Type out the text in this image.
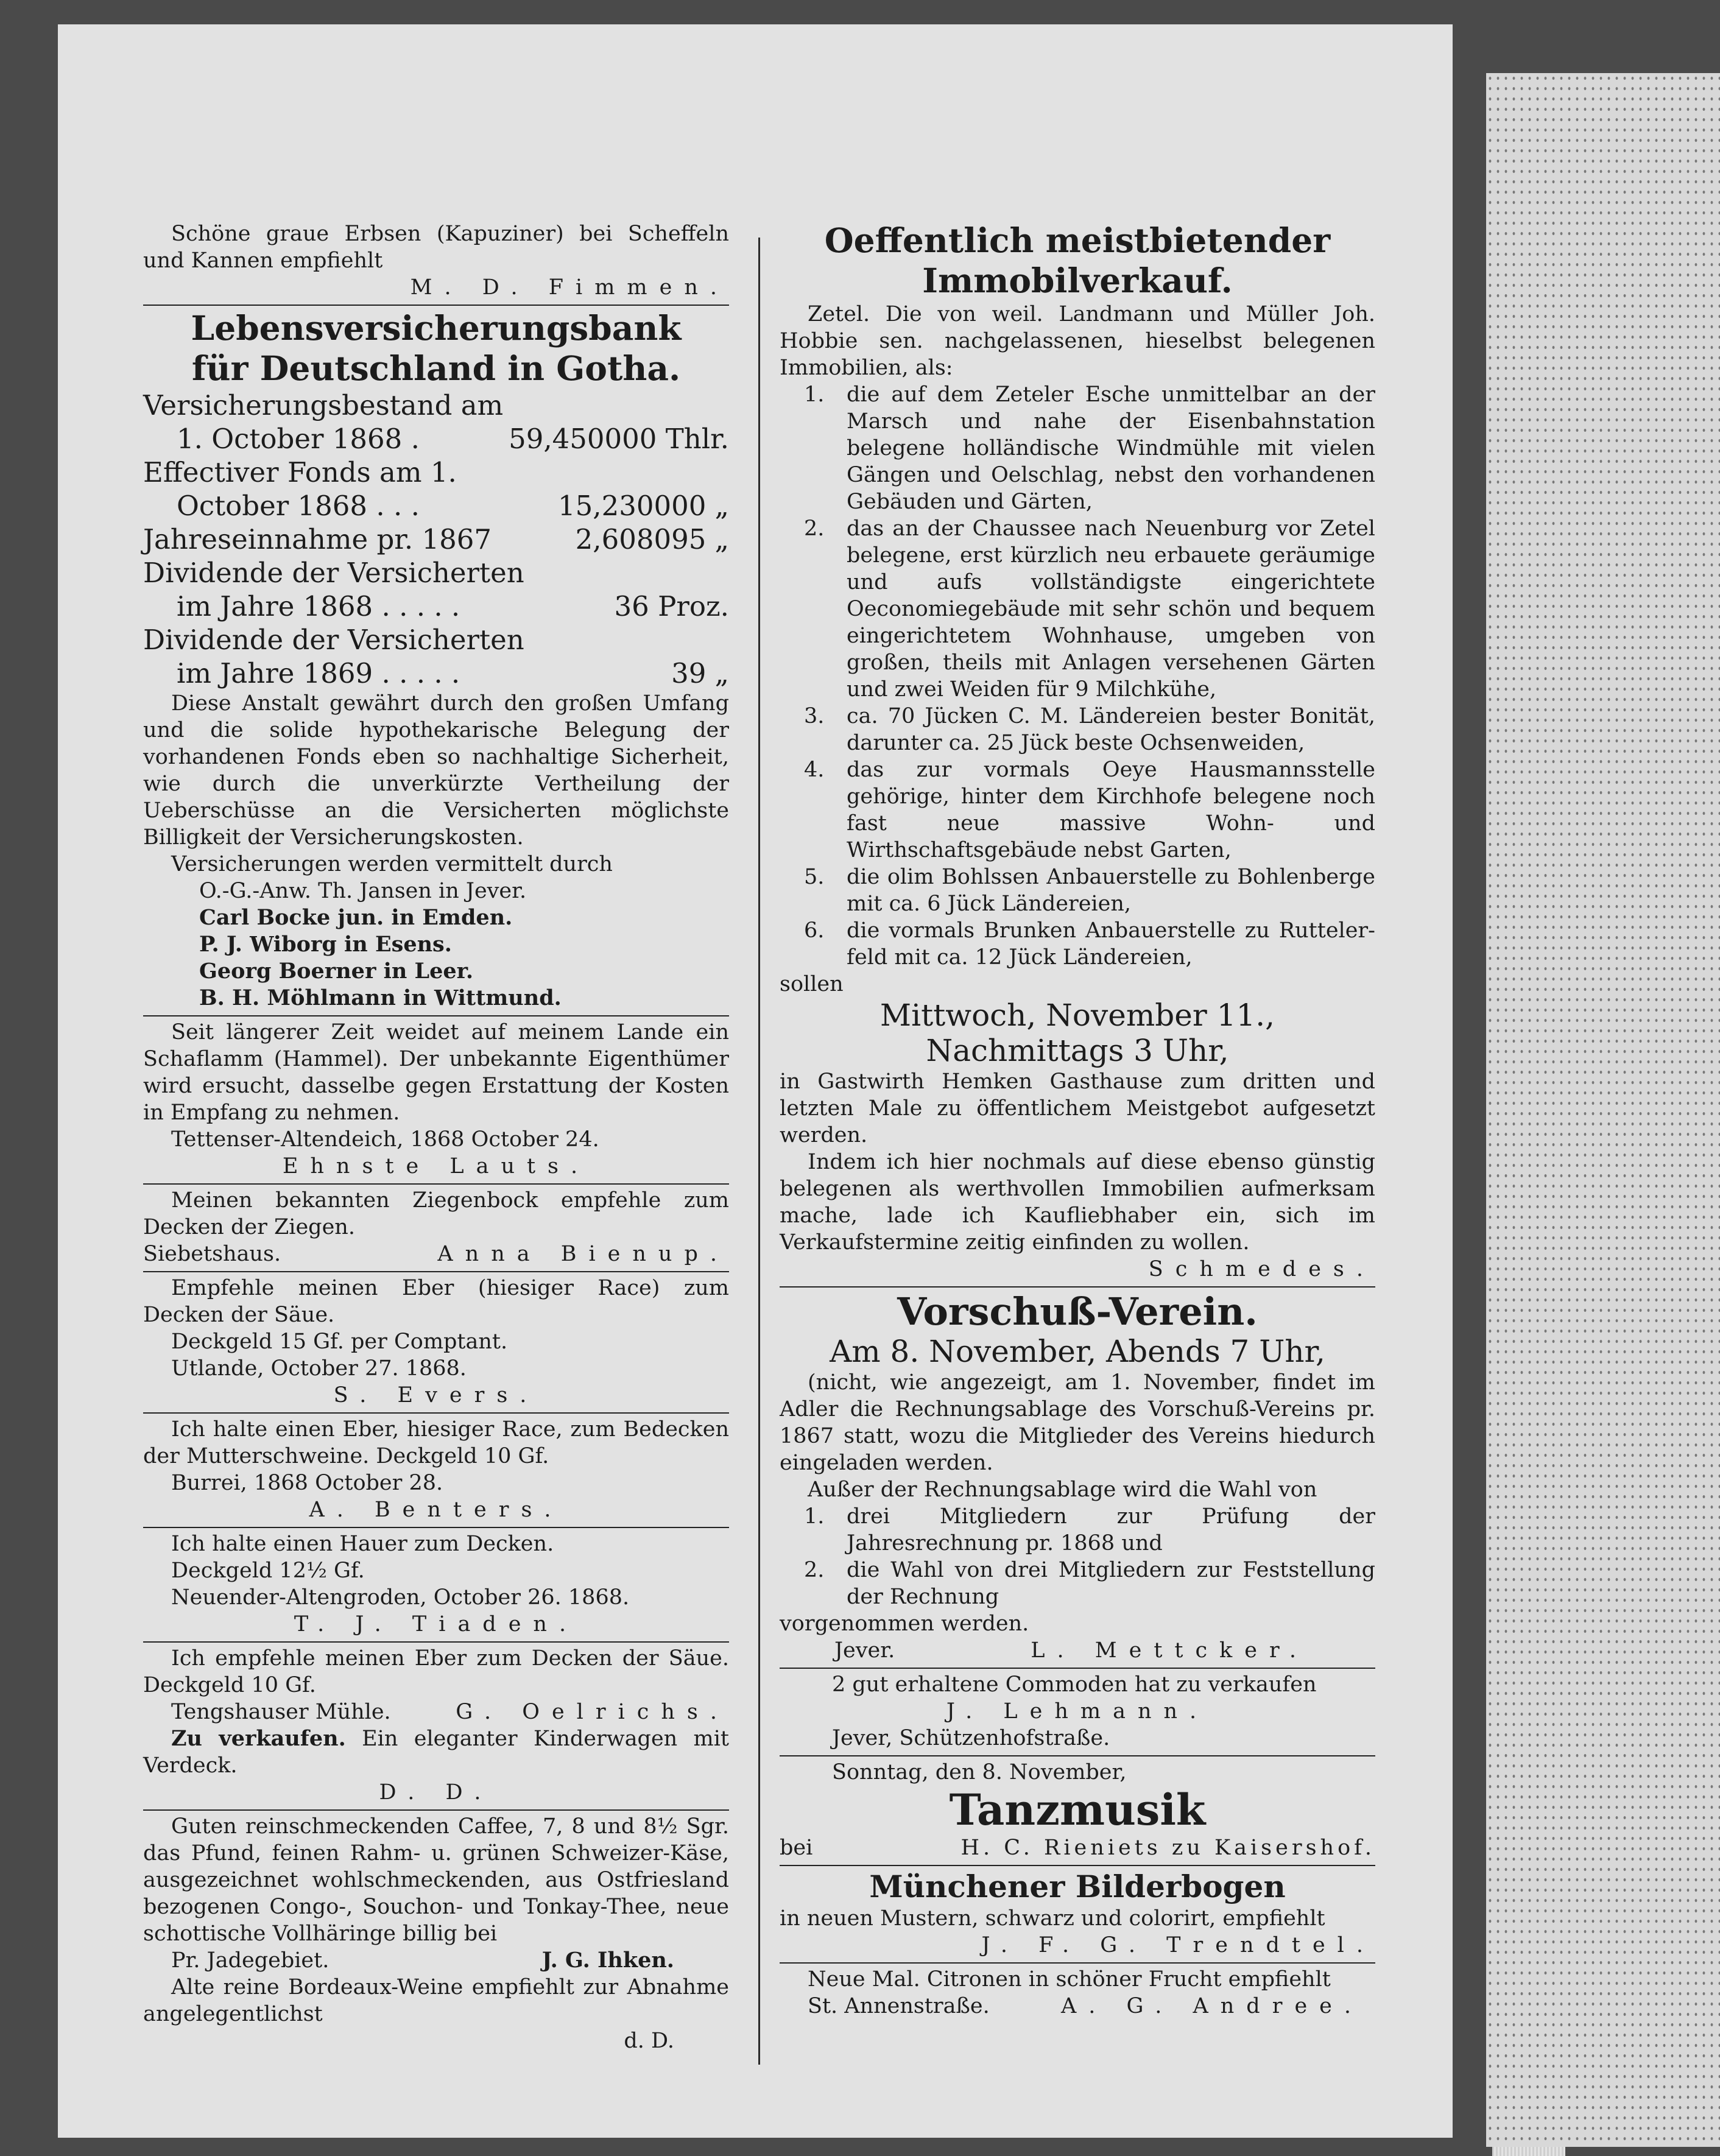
Schöne graue Erbsen (Kapuziner) bei Scheffeln und Kannen empfiehlt

M. D. Fimmen.

Lebensversicherungsbank

für Deutschland in Gotha.

Versicherungsbestand am
1. October 1868 .	59,450000 Thlr.
Effectiver Fonds am 1.
October 1868 . . .	15,230000 „
Jahreseinnahme pr. 1867	2,608095 „
Dividende der Versicherten
im Jahre 1868 . . . . .	36 Proz.
Dividende der Versicherten
im Jahre 1869 . . . . .	39 „

Diese Anstalt gewährt durch den großen Umfang und die solide hypothekarische Belegung der vorhandenen Fonds eben so nachhaltige Sicherheit, wie durch die unverkürzte Vertheilung der Ueberschüsse an die Versicherten möglichste Billigkeit der Versicherungskosten.

Versicherungen werden vermittelt durch

O.-G.-Anw. Th. Jansen in Jever.

Carl Bocke jun. in Emden.

P. J. Wiborg in Esens.

Georg Boerner in Leer.

B. H. Möhlmann in Wittmund.

Seit längerer Zeit weidet auf meinem Lande ein Schaflamm (Hammel). Der unbekannte Eigenthümer wird ersucht, dasselbe gegen Erstattung der Kosten in Empfang zu nehmen.

Tettenser-Altendeich, 1868 October 24.

Ehnste Lauts.

Meinen bekannten Ziegenbock empfehle zum Decken der Ziegen.

Siebetshaus.	Anna Bienup.

Empfehle meinen Eber (hiesiger Race) zum Decken der Säue.

Deckgeld 15 Gf. per Comptant.

Utlande, October 27. 1868.

S. Evers.

Ich halte einen Eber, hiesiger Race, zum Bedecken der Mutterschweine. Deckgeld 10 Gf.

Burrei, 1868 October 28.

A. Benters.

Ich halte einen Hauer zum Decken.

Deckgeld 12½ Gf.

Neuender-Altengroden, October 26. 1868.

T. J. Tiaden.

Ich empfehle meinen Eber zum Decken der Säue. Deckgeld 10 Gf.

Tengshauser Mühle.	G. Oelrichs.

Zu verkaufen. Ein eleganter Kinderwagen mit Verdeck.

D. D.

Guten reinschmeckenden Caffee, 7, 8 und 8½ Sgr. das Pfund, feinen Rahm- u. grünen Schweizer-Käse, ausgezeichnet wohlschmeckenden, aus Ostfriesland bezogenen Congo-, Souchon- und Tonkay-Thee, neue schottische Vollhäringe billig bei

Pr. Jadegebiet.	J. G. Ihken.

Alte reine Bordeaux-Weine empfiehlt zur Abnahme angelegentlichst

d. D.

Oeffentlich meistbietender

Immobilverkauf.

Zetel. Die von weil. Landmann und Müller Joh. Hobbie sen. nachgelassenen, hieselbst belegenen Immobilien, als:

1. die auf dem Zeteler Esche unmittelbar an der Marsch und nahe der Eisenbahnstation belegene holländische Windmühle mit vielen Gängen und Oelschlag, nebst den vorhandenen Gebäuden und Gärten,
2. das an der Chaussee nach Neuenburg vor Zetel belegene, erst kürzlich neu erbauete geräumige und aufs vollständigste eingerichtete Oeconomiegebäude mit sehr schön und bequem eingerichtetem Wohnhause, umgeben von großen, theils mit Anlagen versehenen Gärten und zwei Weiden für 9 Milchkühe,
3. ca. 70 Jücken C. M. Ländereien bester Bonität, darunter ca. 25 Jück beste Ochsenweiden,
4. das zur vormals Oeye Hausmannsstelle gehörige, hinter dem Kirchhofe belegene noch fast neue massive Wohn- und Wirthschaftsgebäude nebst Garten,
5. die olim Bohlssen Anbauerstelle zu Bohlenberge mit ca. 6 Jück Ländereien,
6. die vormals Brunken Anbauerstelle zu Rutteler-feld mit ca. 12 Jück Ländereien,

sollen

Mittwoch, November 11.,

Nachmittags 3 Uhr,

in Gastwirth Hemken Gasthause zum dritten und letzten Male zu öffentlichem Meistgebot aufgesetzt werden.

Indem ich hier nochmals auf diese ebenso günstig belegenen als werthvollen Immobilien aufmerksam mache, lade ich Kaufliebhaber ein, sich im Verkaufstermine zeitig einfinden zu wollen.

Schmedes.

Vorschuß-Verein.

Am 8. November, Abends 7 Uhr,

(nicht, wie angezeigt, am 1. November, findet im Adler die Rechnungsablage des Vorschuß-Vereins pr. 1867 statt, wozu die Mitglieder des Vereins hiedurch eingeladen werden.

Außer der Rechnungsablage wird die Wahl von

1. drei Mitgliedern zur Prüfung der Jahresrechnung pr. 1868 und
2. die Wahl von drei Mitgliedern zur Feststellung der Rechnung

vorgenommen werden.

Jever.	L. Mettcker.

2 gut erhaltene Commoden hat zu verkaufen

J. Lehmann.

Jever, Schützenhofstraße.

Sonntag, den 8. November,

Tanzmusik

bei	H. C. Rieniets zu Kaisershof.

Münchener Bilderbogen

in neuen Mustern, schwarz und colorirt, empfiehlt

J. F. G. Trendtel.

Neue Mal. Citronen in schöner Frucht empfiehlt

St. Annenstraße.	A. G. Andree.
